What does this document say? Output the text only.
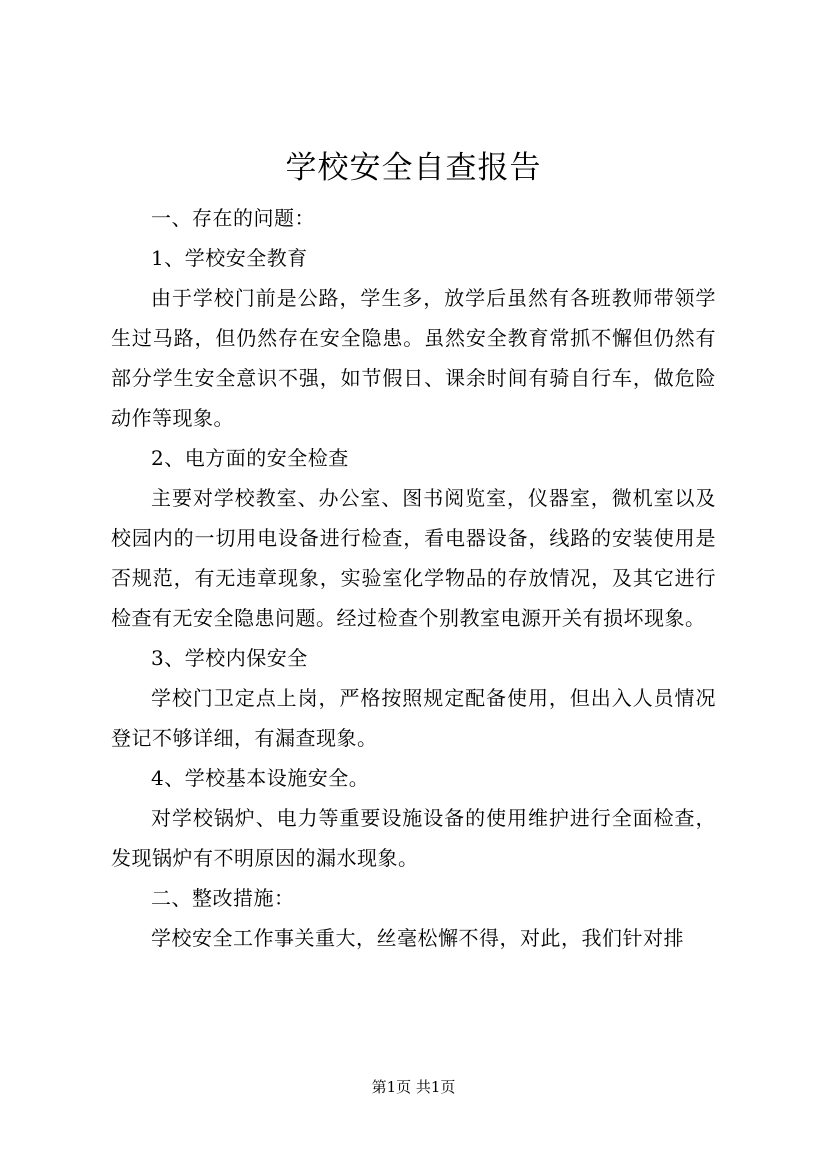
学校安全自查报告

一、存在的问题：

1、学校安全教育

由于学校门前是公路，学生多，放学后虽然有各班教师带领学生过马路，但仍然存在安全隐患。虽然安全教育常抓不懈但仍然有部分学生安全意识不强，如节假日、课余时间有骑自行车，做危险动作等现象。

2、电方面的安全检查

主要对学校教室、办公室、图书阅览室，仪器室，微机室以及校园内的一切用电设备进行检查，看电器设备，线路的安装使用是否规范，有无违章现象，实验室化学物品的存放情况，及其它进行检查有无安全隐患问题。经过检查个别教室电源开关有损坏现象。

3、学校内保安全

学校门卫定点上岗，严格按照规定配备使用，但出入人员情况登记不够详细，有漏查现象。

4、学校基本设施安全。

对学校锅炉、电力等重要设施设备的使用维护进行全面检查，发现锅炉有不明原因的漏水现象。

二、整改措施：

学校安全工作事关重大，丝毫松懈不得，对此，我们针对排

第1页 共1页
